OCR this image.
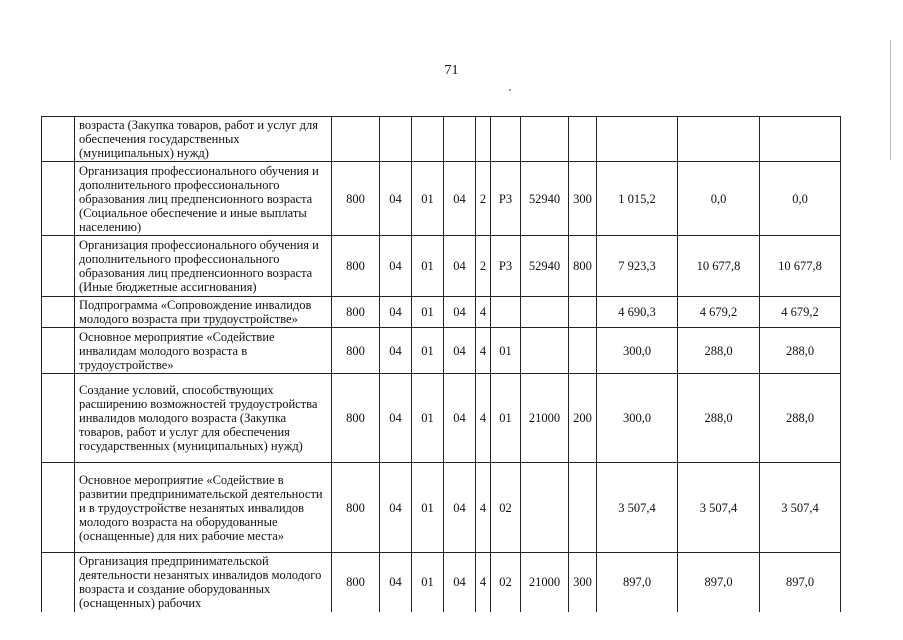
71
	возраста (Закупка товаров, работ и услуг для обеспечения государственных (муниципальных) нужд)											
	Организация профессионального обучения и дополнительного профессионального образования лиц предпенсионного возраста (Социальное обеспечение и иные выплаты населению)	800	04	01	04	2	P3	52940	300	1 015,2	0,0	0,0
	Организация профессионального обучения и дополнительного профессионального образования лиц предпенсионного возраста (Иные бюджетные ассигнования)	800	04	01	04	2	P3	52940	800	7 923,3	10 677,8	10 677,8
	Подпрограмма «Сопровождение инвалидов молодого возраста при трудоустройстве»	800	04	01	04	4				4 690,3	4 679,2	4 679,2
	Основное мероприятие «Содействие инвалидам молодого возраста в трудоустройстве»	800	04	01	04	4	01			300,0	288,0	288,0
	Создание условий, способствующих расширению возможностей трудоустройства инвалидов молодого возраста (Закупка товаров, работ и услуг для обеспечения государственных (муниципальных) нужд)	800	04	01	04	4	01	21000	200	300,0	288,0	288,0
	Основное мероприятие «Содействие в развитии предпринимательской деятельности и в трудоустройстве незанятых инвалидов молодого возраста на оборудованные (оснащенные) для них рабочие места»	800	04	01	04	4	02			3 507,4	3 507,4	3 507,4
	Организация предпринимательской деятельности незанятых инвалидов молодого возраста и создание оборудованных (оснащенных) рабочих	800	04	01	04	4	02	21000	300	897,0	897,0	897,0
